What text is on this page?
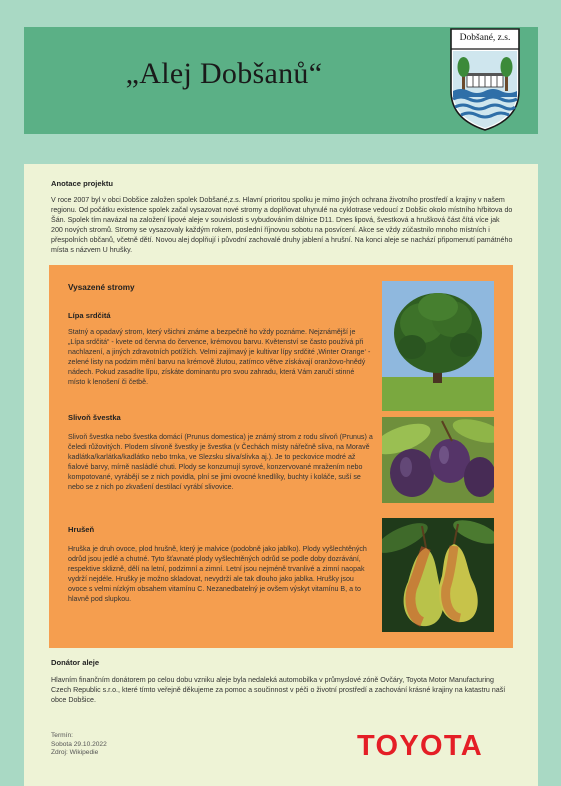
„Alej Dobšanů“
Dobšané, z.s.
Anotace projektu
V roce 2007 byl v obci Dobšice založen spolek Dobšané,z.s. Hlavní prioritou spolku je mimo jiných ochrana životního prostředí a krajiny v našem regionu. Od počátku existence spolek začal vysazovat nové stromy a doplňovat uhynulé na cyklotrase vedoucí z Dobšic okolo místního hřbitova do Šán. Spolek tím navázal na založení lipové aleje v souvislosti s vybudováním dálnice D11. Dnes lipová, švestková a hrušková část čítá více jak 200 nových stromů. Stromy se vysazovaly každým rokem, poslední říjnovou sobotu na posvícení. Akce se vždy zúčastnilo mnoho místních i přespolních občanů, včetně dětí. Novou alej doplňují i původní zachovalé druhy jablení a hrušní. Na konci aleje se nachází připomenutí památného místa s názvem U hrušky.
Vysazené stromy
Lípa srdčitá
Statný a opadavý strom, který všichni známe a bezpečně ho vždy poznáme. Nejznámější je „Lípa srdčitá“ - kvete od června do července, krémovou barvu. Květenství se často používá při nachlazení, a jiných zdravotních potížích. Velmi zajímavý je kultivar lípy srdčité ‚Winter Orange‘ - zelené listy na podzim mění barvu na krémově žlutou, zatímco větve získávají oranžovo-hnědý nádech. Pokud zasadíte lípu, získáte dominantu pro svou zahradu, která Vám zaručí stinné místo k lenošení či četbě.
Slivoň švestka
Slivoň švestka nebo švestka domácí (Prunus domestica) je známý strom z rodu slivoň (Prunus) a čeledi růžovitých. Plodem slivoně švestky je švestka (v Čechách místy nářečně sliva, na Moravě kadlátka/karlátka/kadlátko nebo trnka, ve Slezsku sliva/slivka aj.). Je to peckovice modré až fialové barvy, mírně nasládlé chuti. Plody se konzumují syrové, konzervované mražením nebo kompotované, vyrábějí se z nich povidla, plní se jimi ovocné knedlíky, buchty i koláče, suší se nebo se z nich po zkvašení destilací vyrábí slivovice.
Hrušeň
Hruška je druh ovoce, plod hrušně, který je malvice (podobně jako jablko). Plody vyšlechtěných odrůd jsou jedlé a chutné. Tyto šťavnaté plody vyšlechtěných odrůd se podle doby dozrávání, respektive sklizně, dělí na letní, podzimní a zimní. Letní jsou nejméně trvanlivé a zimní naopak vydrží nejdéle. Hrušky je možno skladovat, nevydrží ale tak dlouho jako jablka. Hrušky jsou ovoce s velmi nízkým obsahem vitamínu C. Nezanedbatelný je ovšem výskyt vitamínu B, a to hlavně pod slupkou.
Donátor aleje
Hlavním finančním donátorem po celou dobu vzniku aleje byla nedaleká automobilka v průmyslové zóně Ovčáry, Toyota Motor Manufacturing Czech Republic s.r.o., které tímto veřejně děkujeme za pomoc a součinnost v péči o životní prostředí a zachování krásné krajiny na katastru naší obce Dobšice.
Termín:
Sobota 29.10.2022
Zdroj: Wikipedie	TOYOTA
